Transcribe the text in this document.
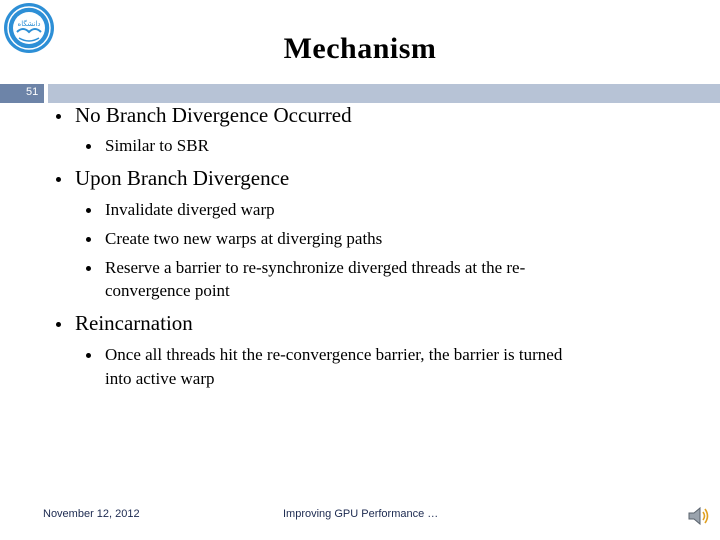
دانشگاه
Mechanism
51
No Branch Divergence Occurred
Similar to SBR
Upon Branch Divergence
Invalidate diverged warp
Create two new warps at diverging paths
Reserve a barrier to re-synchronize diverged threads at the re-
convergence point
Reincarnation
Once all threads hit the re-convergence barrier, the barrier is turned
into active warp
November 12, 2012	Improving GPU Performance …
